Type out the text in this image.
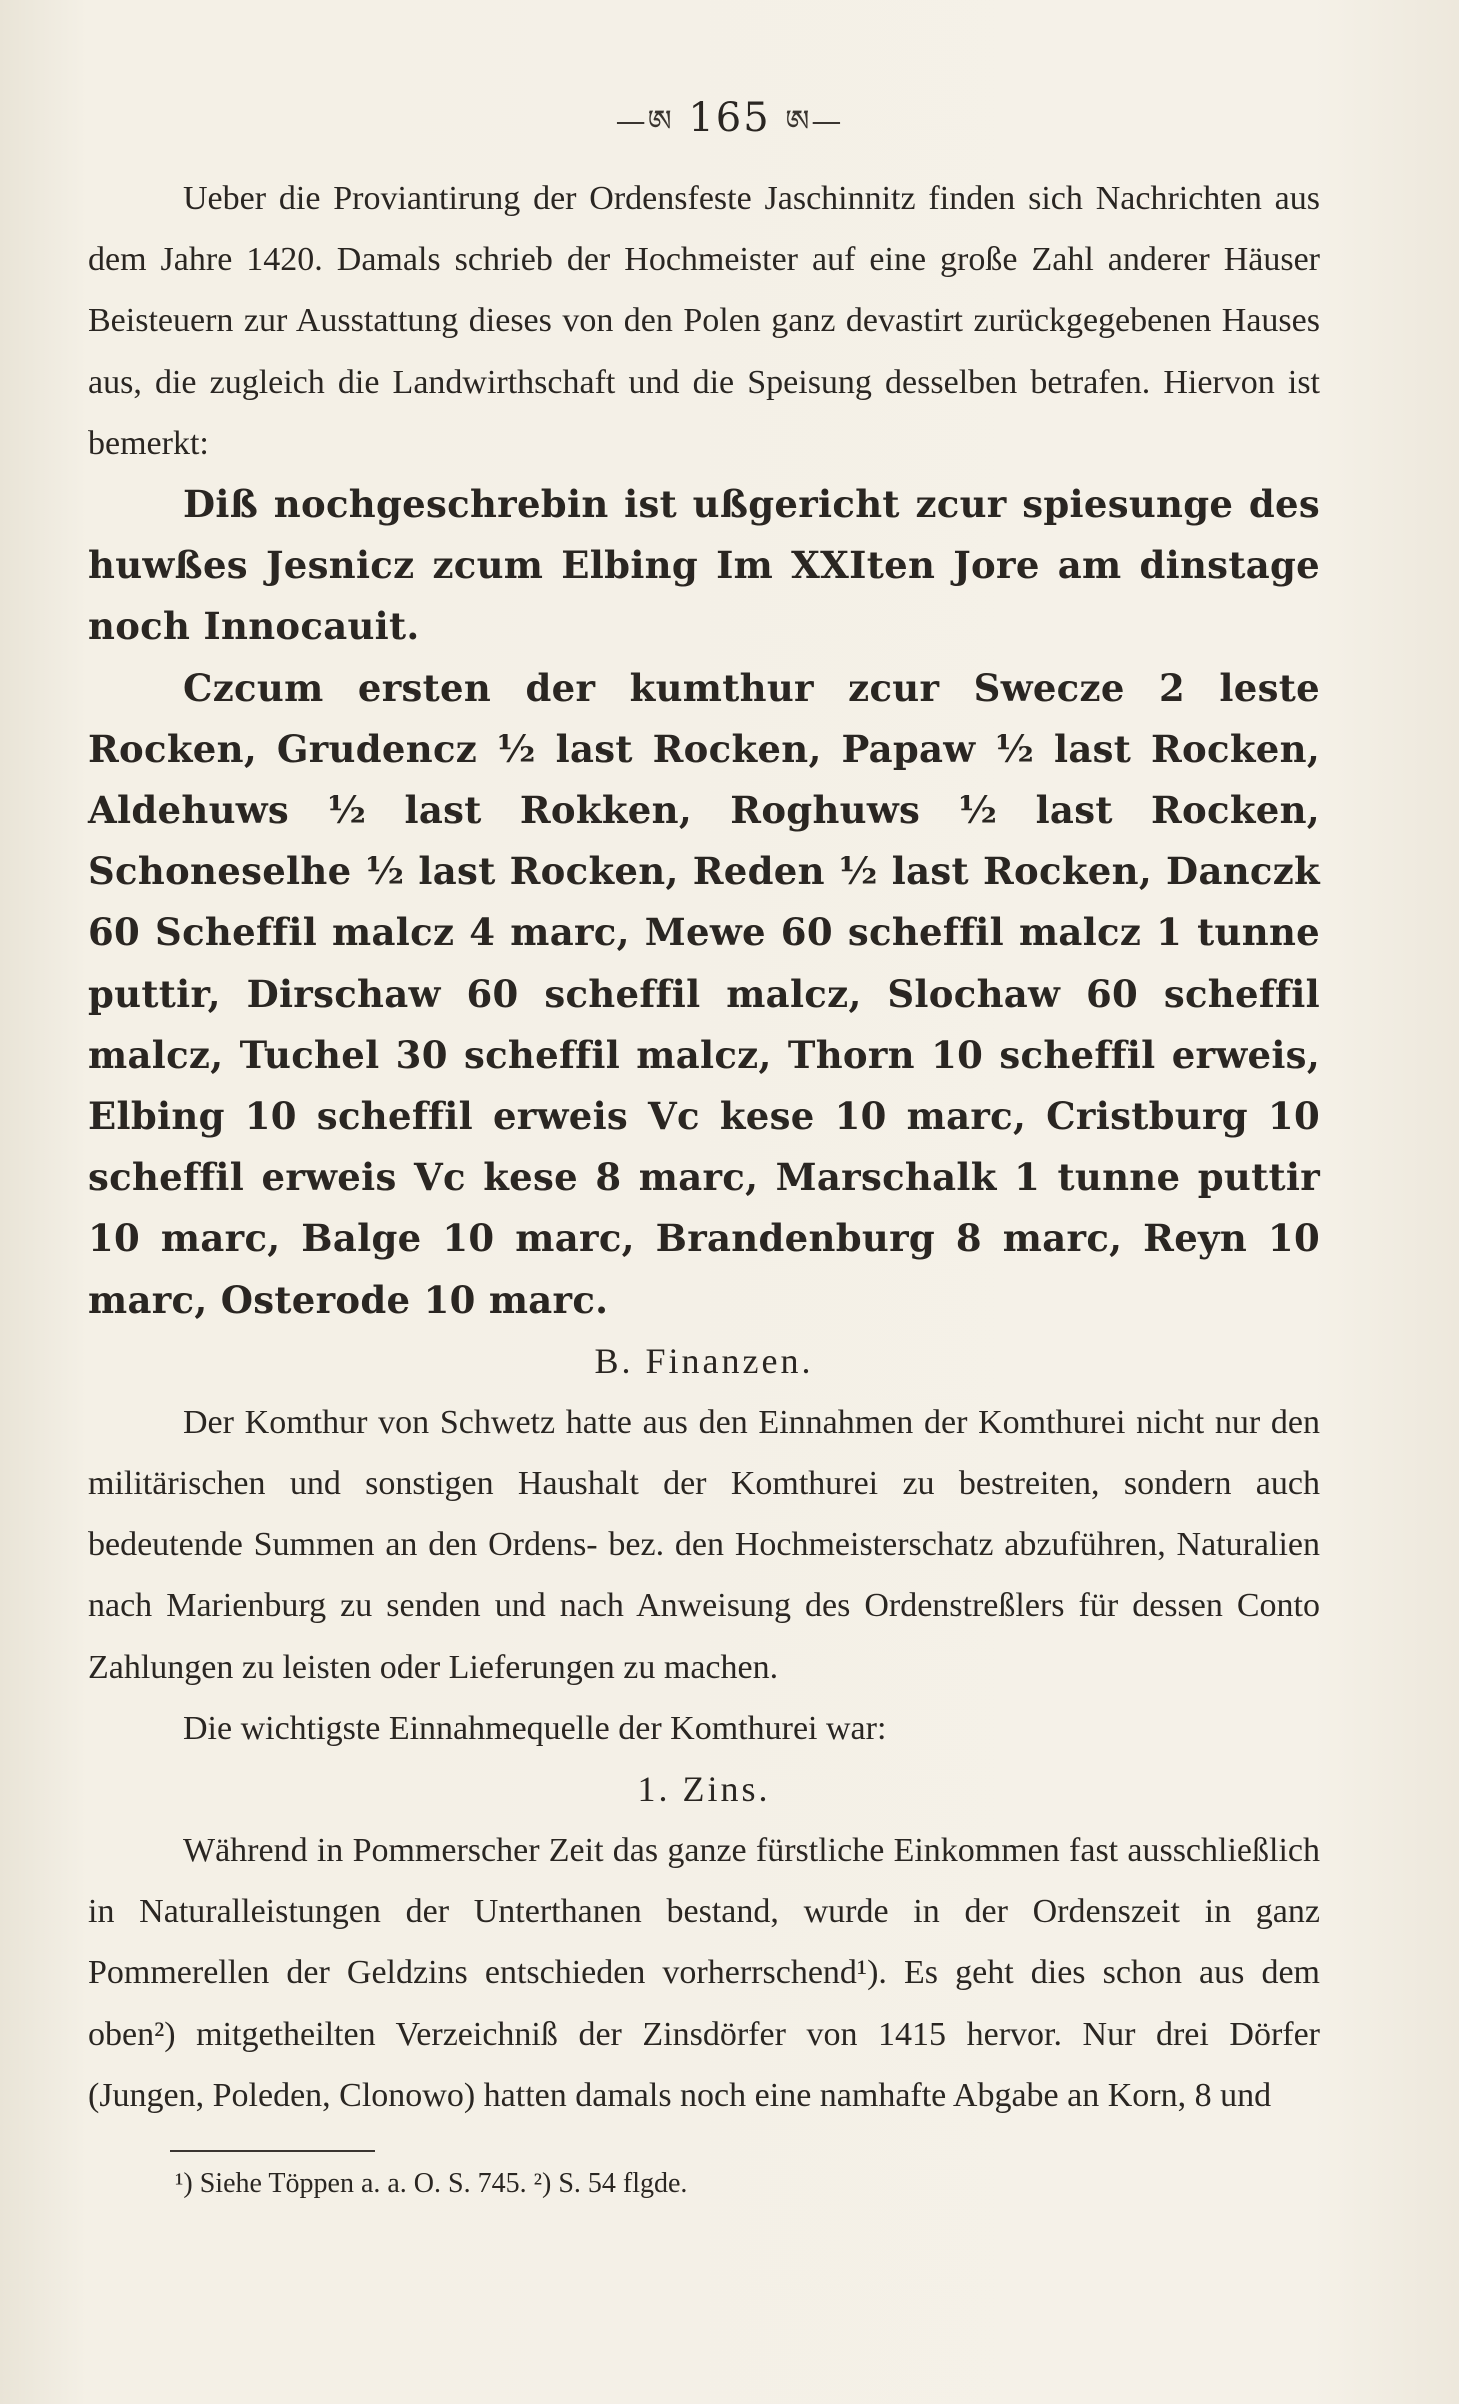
—ཨ 165 ཨ—

Ueber die Proviantirung der Ordensfeste Jaschinnitz finden sich Nachrichten aus dem Jahre 1420. Damals schrieb der Hochmeister auf eine große Zahl anderer Häuser Beisteuern zur Ausstattung dieses von den Polen ganz devastirt zurückgegebenen Hauses aus, die zugleich die Landwirthschaft und die Speisung desselben betrafen. Hiervon ist bemerkt:

Diß nochgeschrebin ist ußgericht zcur spiesunge des huwßes Jesnicz zcum Elbing Im XXIten Jore am dinstage noch Innocauit.

Czcum ersten der kumthur zcur Swecze 2 leste Rocken, Grudencz ½ last Rocken, Papaw ½ last Rocken, Aldehuws ½ last Rokken, Roghuws ½ last Rocken, Schoneselhe ½ last Rocken, Reden ½ last Rocken, Danczk 60 Scheffil malcz 4 marc, Mewe 60 scheffil malcz 1 tunne puttir, Dirschaw 60 scheffil malcz, Slochaw 60 scheffil malcz, Tuchel 30 scheffil malcz, Thorn 10 scheffil erweis, Elbing 10 scheffil erweis Vc kese 10 marc, Cristburg 10 scheffil erweis Vc kese 8 marc, Marschalk 1 tunne puttir 10 marc, Balge 10 marc, Brandenburg 8 marc, Reyn 10 marc, Osterode 10 marc.

B. Finanzen.

Der Komthur von Schwetz hatte aus den Einnahmen der Komthurei nicht nur den militärischen und sonstigen Haushalt der Komthurei zu bestreiten, sondern auch bedeutende Summen an den Ordens- bez. den Hochmeisterschatz abzuführen, Naturalien nach Marienburg zu senden und nach Anweisung des Ordenstreßlers für dessen Conto Zahlungen zu leisten oder Lieferungen zu machen.

Die wichtigste Einnahmequelle der Komthurei war:

1. Zins.

Während in Pommerscher Zeit das ganze fürstliche Einkommen fast ausschließlich in Naturalleistungen der Unterthanen bestand, wurde in der Ordenszeit in ganz Pommerellen der Geldzins entschieden vorherrschend¹). Es geht dies schon aus dem oben²) mitgetheilten Verzeichniß der Zinsdörfer von 1415 hervor. Nur drei Dörfer (Jungen, Poleden, Clonowo) hatten damals noch eine namhafte Abgabe an Korn, 8 und

¹) Siehe Töppen a. a. O. S. 745. ²) S. 54 flgde.
